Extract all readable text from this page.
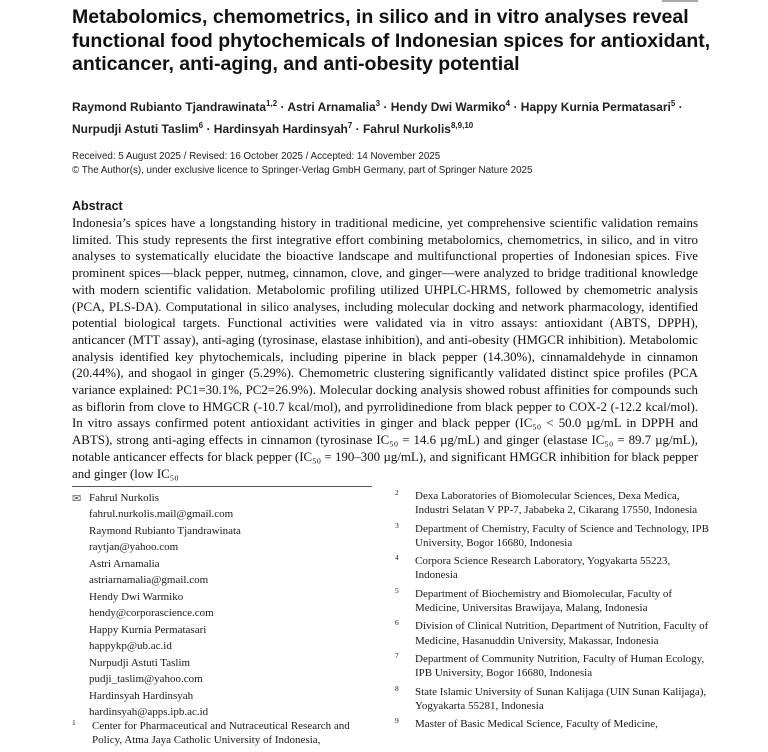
Metabolomics, chemometrics, in silico and in vitro analyses reveal functional food phytochemicals of Indonesian spices for antioxidant, anticancer, anti-aging, and anti-obesity potential
Raymond Rubianto Tjandrawinata$^{1,2}$ · Astri Arnamalia$^3$ · Hendy Dwi Warmiko$^4$ · Happy Kurnia Permatasari$^5$ ·
Nurpudji Astuti Taslim$^6$ · Hardinsyah Hardinsyah$^7$ · Fahrul Nurkolis$^{8,9,10}$
Received: 5 August 2025 / Revised: 16 October 2025 / Accepted: 14 November 2025
© The Author(s), under exclusive licence to Springer-Verlag GmbH Germany, part of Springer Nature 2025
Abstract

Indonesia’s spices have a longstanding history in traditional medicine, yet comprehensive scientific validation remains limited. This study represents the first integrative effort combining metabolomics, chemometrics, in silico, and in vitro analyses to systematically elucidate the bioactive landscape and multifunctional properties of Indonesian spices. Five prominent spices—black pepper, nutmeg, cinnamon, clove, and ginger—were analyzed to bridge traditional knowledge with modern scientific validation. Metabolomic profiling utilized UHPLC-HRMS, followed by chemometric analysis (PCA, PLS-DA). Computational in silico analyses, including molecular docking and network pharmacology, identified potential biological targets. Functional activities were validated via in vitro assays: antioxidant (ABTS, DPPH), anticancer (MTT assay), anti-aging (tyrosinase, elastase inhibition), and anti-obesity (HMGCR inhibition). Metabolomic analysis identified key phytochemicals, including piperine in black pepper (14.30%), cinnamaldehyde in cinnamon (20.44%), and shogaol in ginger (5.29%). Chemometric clustering significantly validated distinct spice profiles (PCA variance explained: PC1=30.1%, PC2=26.9%). Molecular docking analysis showed robust affinities for compounds such as biflorin from clove to HMGCR (-10.7 kcal/mol), and pyrrolidinedione from black pepper to COX-2 (-12.2 kcal/mol). In vitro assays confirmed potent antioxidant activities in ginger and black pepper (IC₅₀ < 50.0 µg/mL in DPPH and ABTS), strong anti-aging effects in cinnamon (tyrosinase IC₅₀ = 14.6 µg/mL) and ginger (elastase IC₅₀ = 89.7 µg/mL), notable anticancer effects for black pepper (IC₅₀ = 190–300 µg/mL), and significant HMGCR inhibition for black pepper and ginger (low IC₅₀

✉ Fahrul Nurkolis
fahrul.nurkolis.mail@gmail.com
Raymond Rubianto Tjandrawinata
raytjan@yahoo.com
Astri Arnamalia
astriarnamalia@gmail.com
Hendy Dwi Warmiko
hendy@corporascience.com
Happy Kurnia Permatasari
happykp@ub.ac.id
Nurpudji Astuti Taslim
pudji_taslim@yahoo.com
Hardinsyah Hardinsyah
hardinsyah@apps.ipb.ac.id
1 Center for Pharmaceutical and Nutraceutical Research and Policy, Atma Jaya Catholic University of Indonesia,
2 Dexa Laboratories of Biomolecular Sciences, Dexa Medica, Industri Selatan V PP-7, Jababeka 2, Cikarang 17550, Indonesia
3 Department of Chemistry, Faculty of Science and Technology, IPB University, Bogor 16680, Indonesia
4 Corpora Science Research Laboratory, Yogyakarta 55223, Indonesia
5 Department of Biochemistry and Biomolecular, Faculty of Medicine, Universitas Brawijaya, Malang, Indonesia
6 Division of Clinical Nutrition, Department of Nutrition, Faculty of Medicine, Hasanuddin University, Makassar, Indonesia
7 Department of Community Nutrition, Faculty of Human Ecology, IPB University, Bogor 16680, Indonesia
8 State Islamic University of Sunan Kalijaga (UIN Sunan Kalijaga), Yogyakarta 55281, Indonesia
9 Master of Basic Medical Science, Faculty of Medicine,
